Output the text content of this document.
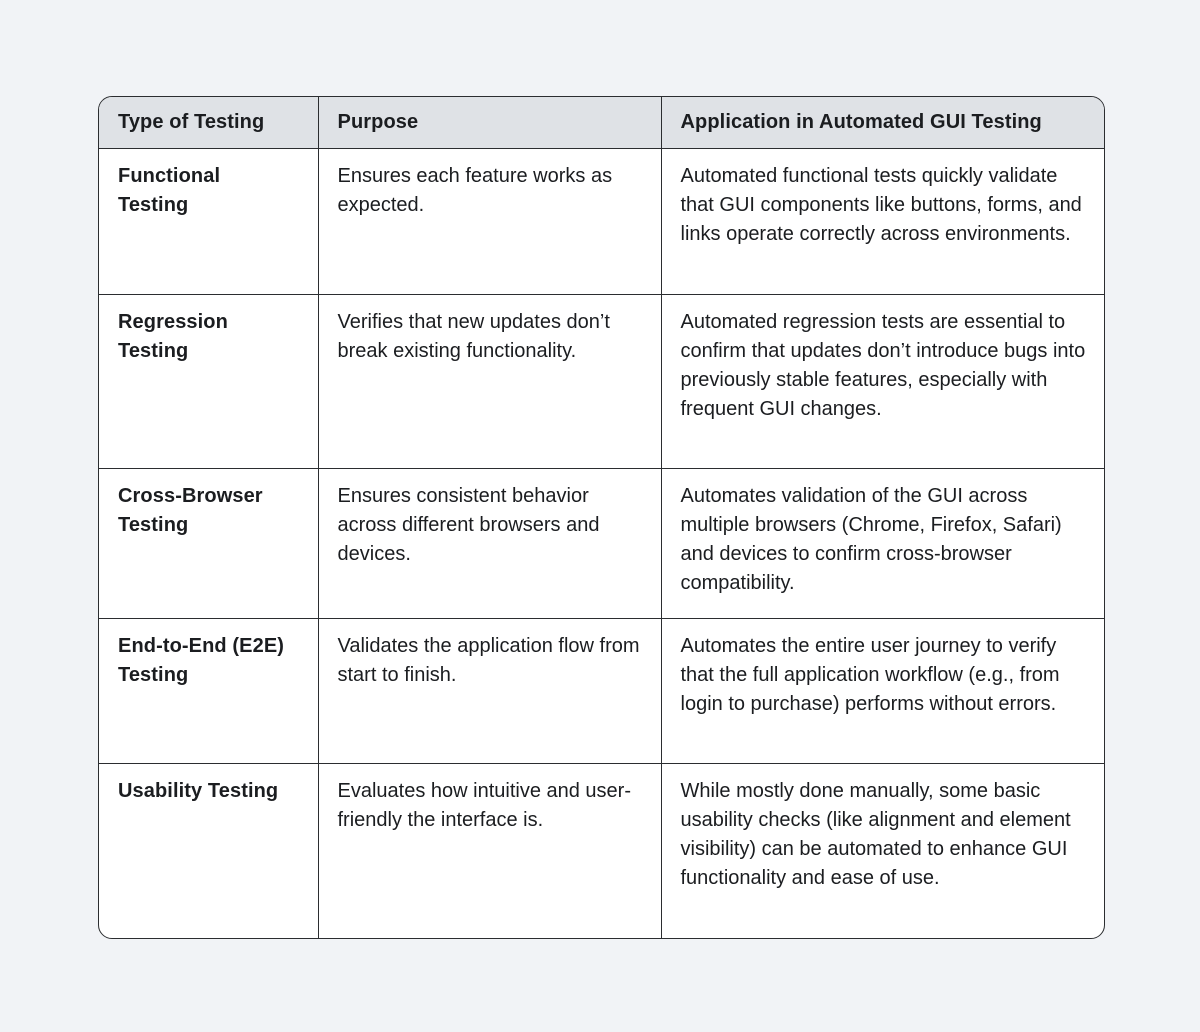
Type of Testing	Purpose	Application in Automated GUI Testing
Functional Testing	Ensures each feature works as expected.	Automated functional tests quickly validate that GUI components like buttons, forms, and links operate correctly across environments.
Regression Testing	Verifies that new updates don’t break existing functionality.	Automated regression tests are essential to confirm that updates don’t introduce bugs into previously stable features, especially with frequent GUI changes.
Cross-Browser Testing	Ensures consistent behavior across different browsers and devices.	Automates validation of the GUI across multiple browsers (Chrome, Firefox, Safari) and devices to confirm cross-browser compatibility.
End-to-End (E2E) Testing	Validates the application flow from start to finish.	Automates the entire user journey to verify that the full application workflow (e.g., from login to purchase) performs without errors.
Usability Testing	Evaluates how intuitive and user-friendly the interface is.	While mostly done manually, some basic usability checks (like alignment and element visibility) can be automated to enhance GUI functionality and ease of use.
